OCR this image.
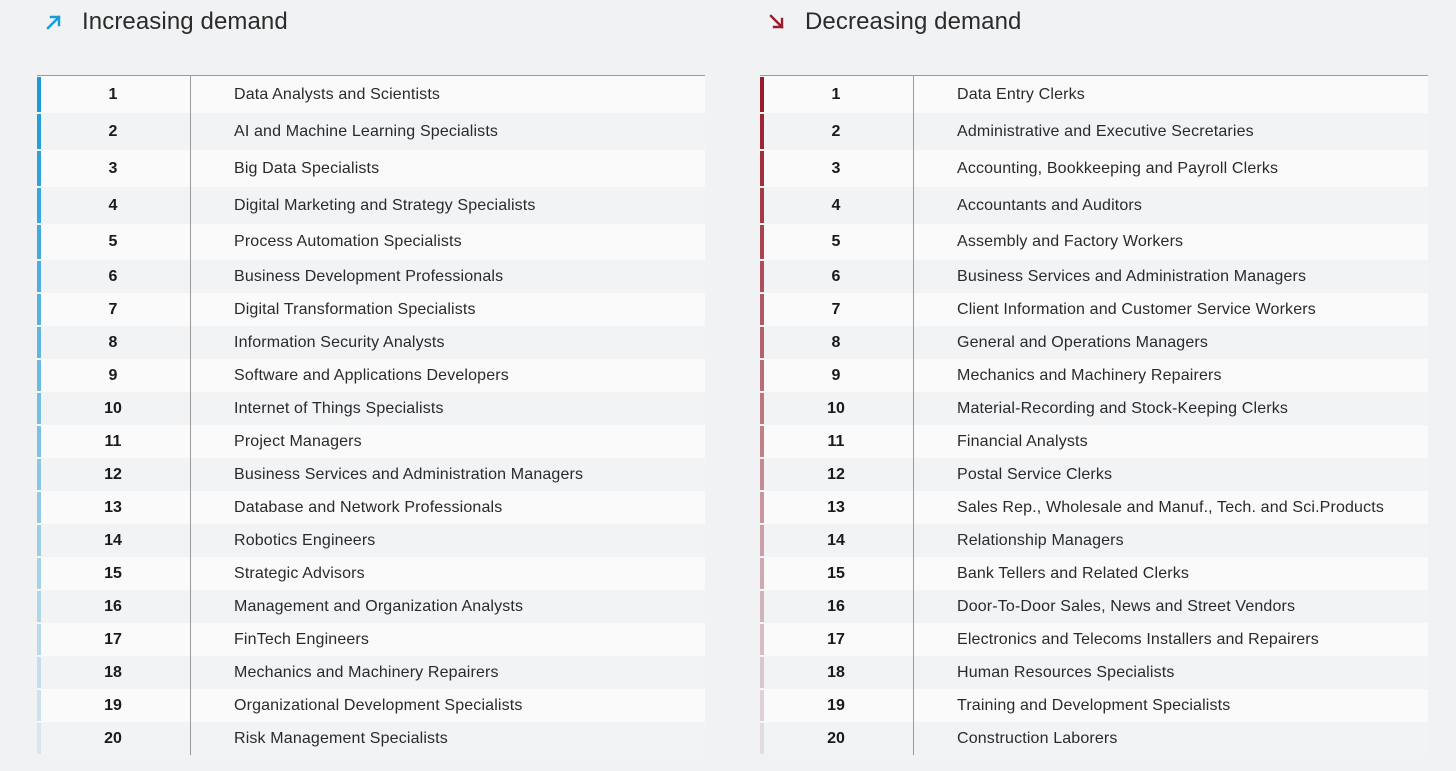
Increasing demand
1	Data Analysts and Scientists
2	AI and Machine Learning Specialists
3	Big Data Specialists
4	Digital Marketing and Strategy Specialists
5	Process Automation Specialists
6	Business Development Professionals
7	Digital Transformation Specialists
8	Information Security Analysts
9	Software and Applications Developers
10	Internet of Things Specialists
11	Project Managers
12	Business Services and Administration Managers
13	Database and Network Professionals
14	Robotics Engineers
15	Strategic Advisors
16	Management and Organization Analysts
17	FinTech Engineers
18	Mechanics and Machinery Repairers
19	Organizational Development Specialists
20	Risk Management Specialists
Decreasing demand
1	Data Entry Clerks
2	Administrative and Executive Secretaries
3	Accounting, Bookkeeping and Payroll Clerks
4	Accountants and Auditors
5	Assembly and Factory Workers
6	Business Services and Administration Managers
7	Client Information and Customer Service Workers
8	General and Operations Managers
9	Mechanics and Machinery Repairers
10	Material-Recording and Stock-Keeping Clerks
11	Financial Analysts
12	Postal Service Clerks
13	Sales Rep., Wholesale and Manuf., Tech. and Sci.Products
14	Relationship Managers
15	Bank Tellers and Related Clerks
16	Door-To-Door Sales, News and Street Vendors
17	Electronics and Telecoms Installers and Repairers
18	Human Resources Specialists
19	Training and Development Specialists
20	Construction Laborers
